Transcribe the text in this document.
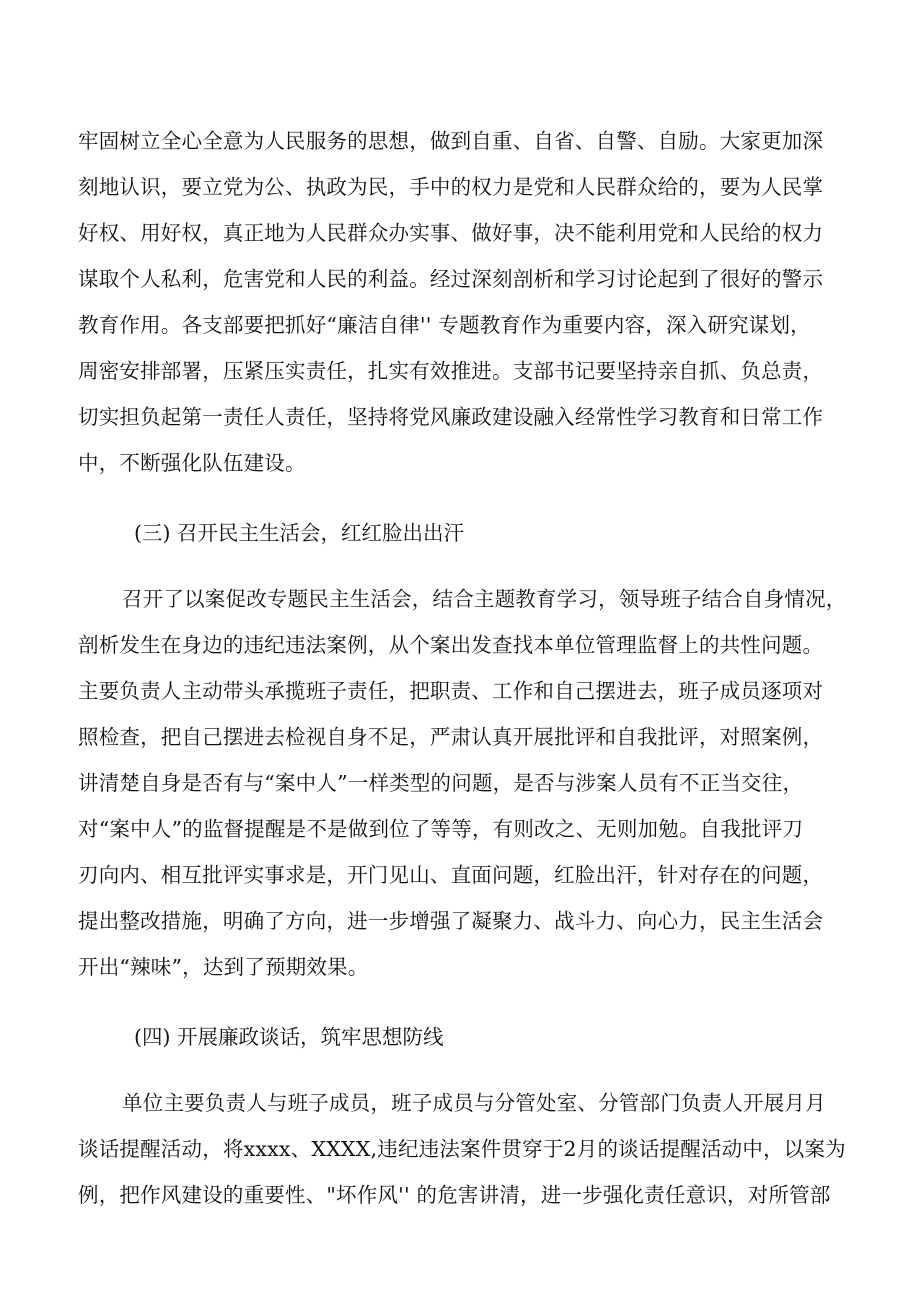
牢固树立全心全意为人民服务的思想，做到自重、自省、自警、自励。大家更加深
刻地认识，要立党为公、执政为民，手中的权力是党和人民群众给的，要为人民掌
好权、用好权，真正地为人民群众办实事、做好事，决不能利用党和人民给的权力
谋取个人私利，危害党和人民的利益。经过深刻剖析和学习讨论起到了很好的警示
教育作用。各支部要把抓好“廉洁自律'' 专题教育作为重要内容，深入研究谋划，
周密安排部署，压紧压实责任，扎实有效推进。支部书记要坚持亲自抓、负总责，
切实担负起第一责任人责任，坚持将党风廉政建设融入经常性学习教育和日常工作
中，不断强化队伍建设。
(三) 召开民主生活会，红红脸出出汗
召开了以案促改专题民主生活会，结合主题教育学习，领导班子结合自身情况，
剖析发生在身边的违纪违法案例，从个案出发查找本单位管理监督上的共性问题。
主要负责人主动带头承揽班子责任，把职责、工作和自己摆进去，班子成员逐项对
照检查，把自己摆进去检视自身不足，严肃认真开展批评和自我批评，对照案例，
讲清楚自身是否有与“案中人”一样类型的问题，是否与涉案人员有不正当交往，
对“案中人”的监督提醒是不是做到位了等等，有则改之、无则加勉。自我批评刀
刃向内、相互批评实事求是，开门见山、直面问题，红脸出汗，针对存在的问题，
提出整改措施，明确了方向，进一步增强了凝聚力、战斗力、向心力，民主生活会
开出“辣味”，达到了预期效果。
(四) 开展廉政谈话，筑牢思想防线
单位主要负责人与班子成员，班子成员与分管处室、分管部门负责人开展月月
谈话提醒活动，将xxxx、XXXX,违纪违法案件贯穿于2月的谈话提醒活动中，以案为
例，把作风建设的重要性、"坏作风'' 的危害讲清，进一步强化责任意识，对所管部
